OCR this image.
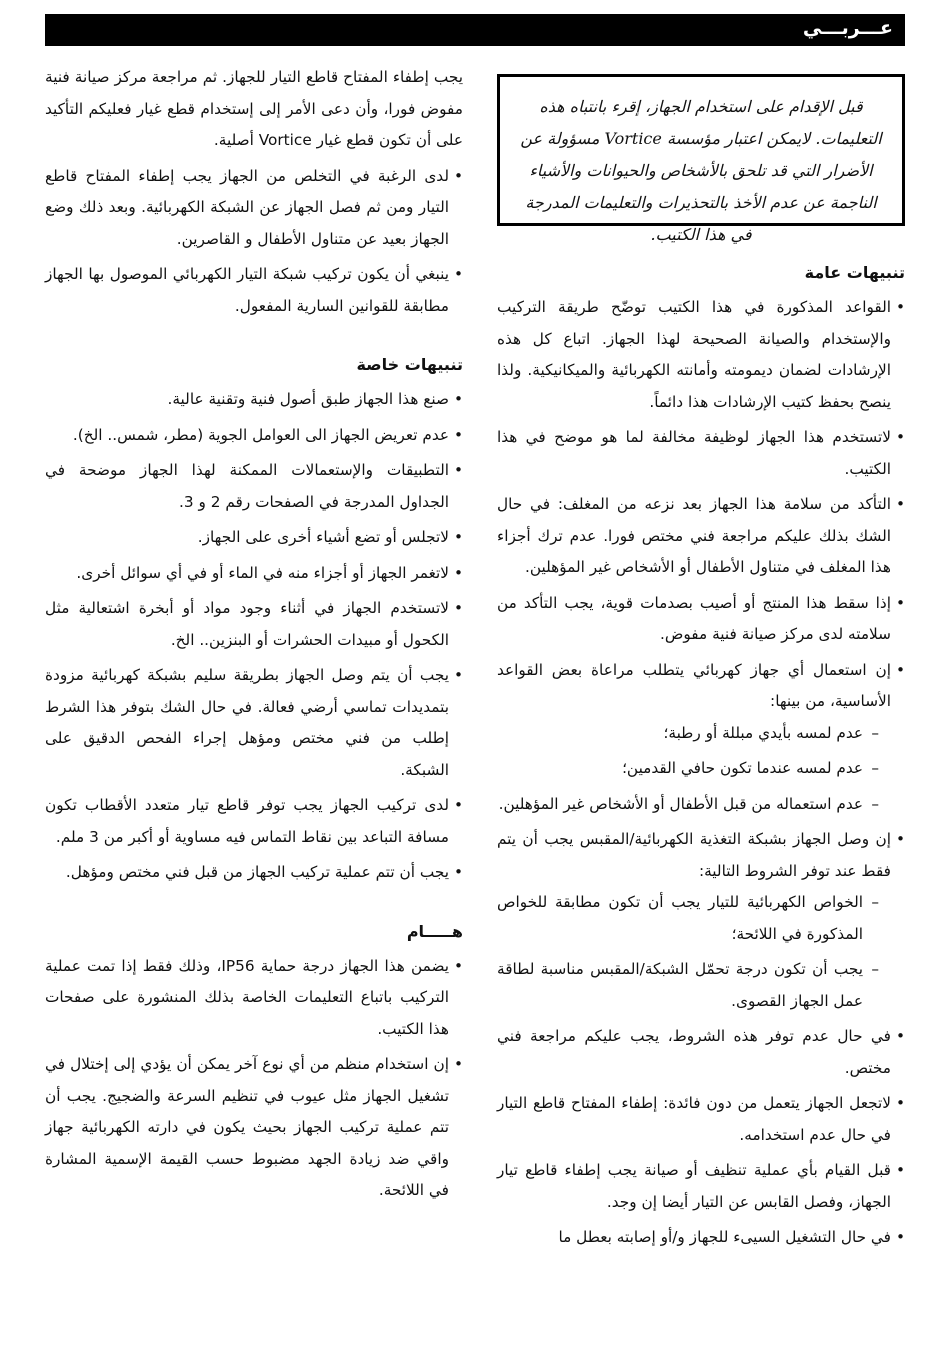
عـــربـــي

قبل الإقدام على استخدام الجهاز، إقرء بانتباه هذه التعليمات. لايمكن اعتبار مؤسسة Vortice مسؤولة عن الأضرار التي قد تلحق بالأشخاص والحيوانات والأشياء الناجمة عن عدم الأخذ بالتحذيرات والتعليمات المدرجة في هذا الكتيب.

تنبيهات عامة
• القواعد المذكورة في هذا الكتيب توضّح طريقة التركيب والإستخدام والصيانة الصحيحة لهذا الجهاز. اتباع كل هذه الإرشادات لضمان ديمومته وأمانته الكهربائية والميكانيكية. ولذا ينصح بحفظ كتيب الإرشادات هذا دائماً.
• لاتستخدم هذا الجهاز لوظيفة مخالفة لما هو موضح في هذا الكتيب.
• التأكد من سلامة هذا الجهاز بعد نزعه من المغلف: في حال الشك بذلك عليكم مراجعة فني مختص فورا. عدم ترك أجزاء هذا المغلف في متناول الأطفال أو الأشخاص غير المؤهلين.
• إذا سقط هذا المنتج أو أصيب بصدمات قوية، يجب التأكد من سلامته لدى مركز صيانة فنية مفوض.
• إن استعمال أي جهاز كهربائي يتطلب مراعاة بعض القواعد الأساسية، من بينها:
– عدم لمسه بأيدي مبللة أو رطبة؛
– عدم لمسه عندما تكون حافي القدمين؛
– عدم استعماله من قبل الأطفال أو الأشخاص غير المؤهلين.
• إن وصل الجهاز بشبكة التغذية الكهربائية/المقبس يجب أن يتم فقط عند توفر الشروط التالية:
– الخواص الكهربائية للتيار يجب أن تكون مطابقة للخواص المذكورة في اللائحة؛
– يجب أن تكون درجة تحمّل الشبكة/المقبس مناسبة لطاقة عمل الجهاز القصوى.
• في حال عدم توفر هذه الشروط، يجب عليكم مراجعة فني مختص.
• لاتجعل الجهاز يتعمل من دون فائدة: إطفاء المفتاح قاطع التيار في حال عدم استخدامه.
• قبل القيام بأي عملية تنظيف أو صيانة يجب إطفاء قاطع تيار الجهاز، وفصل القابس عن التيار أيضا إن وجد.
• في حال التشغيل السيىء للجهاز و/أو إصابته بعطل ما
يجب إطفاء المفتاح قاطع التيار للجهاز. ثم مراجعة مركز صيانة فنية مفوض فورا، وأن دعى الأمر إلى إستخدام قطع غيار فعليكم التأكيد على أن تكون قطع غيار Vortice أصلية.
• لدى الرغبة في التخلص من الجهاز يجب إطفاء المفتاح قاطع التيار ومن ثم فصل الجهاز عن الشبكة الكهربائية. وبعد ذلك وضع الجهاز بعيد عن متناول الأطفال و القاصرين.
• ينبغي أن يكون تركيب شبكة التيار الكهربائي الموصول بها الجهاز مطابقة للقوانين السارية المفعول.
تنبيهات خاصة
• صنع هذا الجهاز طبق أصول فنية وتقنية عالية.
• عدم تعريض الجهاز الى العوامل الجوية (مطر، شمس.. الخ).
• التطبيقات والإستعمالات الممكنة لهذا الجهاز موضحة في الجداول المدرجة في الصفحات رقم 2 و 3.
• لاتجلس أو تضع أشياء أخرى على الجهاز.
• لاتغمر الجهاز أو أجزاء منه في الماء أو في أي سوائل أخرى.
• لاتستخدم الجهاز في أثناء وجود مواد أو أبخرة اشتعالية مثل الكحول أو مبيدات الحشرات أو البنزين.. الخ.
• يجب أن يتم وصل الجهاز بطريقة سليم بشبكة كهربائية مزودة بتمديدات تماسي أرضي فعالة. في حال الشك بتوفر هذا الشرط إطلب من فني مختص ومؤهل إجراء الفحص الدقيق على الشبكة.
• لدى تركيب الجهاز يجب توفر قاطع تيار متعدد الأقطاب تكون مسافة التباعد بين نقاط التماس فيه مساوية أو أكبر من 3 ملم.
• يجب أن تتم عملية تركيب الجهاز من قبل فني مختص ومؤهل.
هـــــام
• يضمن هذا الجهاز درجة حماية IP56، وذلك فقط إذا تمت عملية التركيب باتباع التعليمات الخاصة بذلك المنشورة على صفحات هذا الكتيب.
• إن استخدام منظم من أي نوع آخر يمكن أن يؤدي إلى إختلال في تشغيل الجهاز مثل عيوب في تنظيم السرعة والضجيج. يجب أن تتم عملية تركيب الجهاز بحيث يكون في دارته الكهربائية جهاز واقي ضد زيادة الجهد مضبوط حسب القيمة الإسمية المشارة في اللائحة.
